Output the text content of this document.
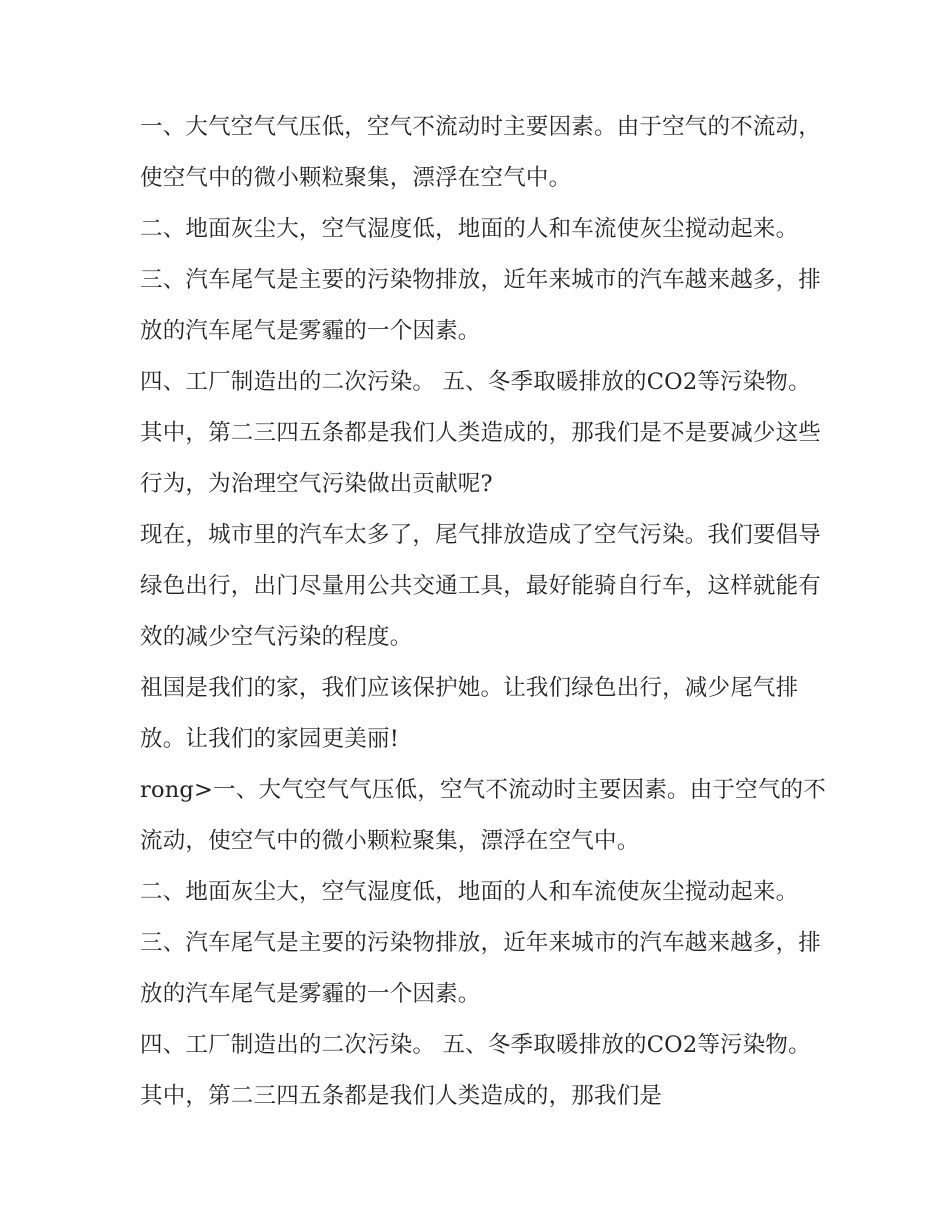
一、大气空气气压低，空气不流动时主要因素。由于空气的不流动，使空气中的微小颗粒聚集，漂浮在空气中。

二、地面灰尘大，空气湿度低，地面的人和车流使灰尘搅动起来。 三、汽车尾气是主要的污染物排放，近年来城市的汽车越来越多，排放的汽车尾气是雾霾的一个因素。

四、工厂制造出的二次污染。 五、冬季取暖排放的CO2等污染物。 其中，第二三四五条都是我们人类造成的，那我们是不是要减少这些行为，为治理空气污染做出贡献呢?

现在，城市里的汽车太多了，尾气排放造成了空气污染。我们要倡导绿色出行，出门尽量用公共交通工具，最好能骑自行车，这样就能有效的减少空气污染的程度。

祖国是我们的家，我们应该保护她。让我们绿色出行，减少尾气排放。让我们的家园更美丽!

rong>一、大气空气气压低，空气不流动时主要因素。由于空气的不流动，使空气中的微小颗粒聚集，漂浮在空气中。

二、地面灰尘大，空气湿度低，地面的人和车流使灰尘搅动起来。 三、汽车尾气是主要的污染物排放，近年来城市的汽车越来越多，排放的汽车尾气是雾霾的一个因素。

四、工厂制造出的二次污染。 五、冬季取暖排放的CO2等污染物。 其中，第二三四五条都是我们人类造成的，那我们是
